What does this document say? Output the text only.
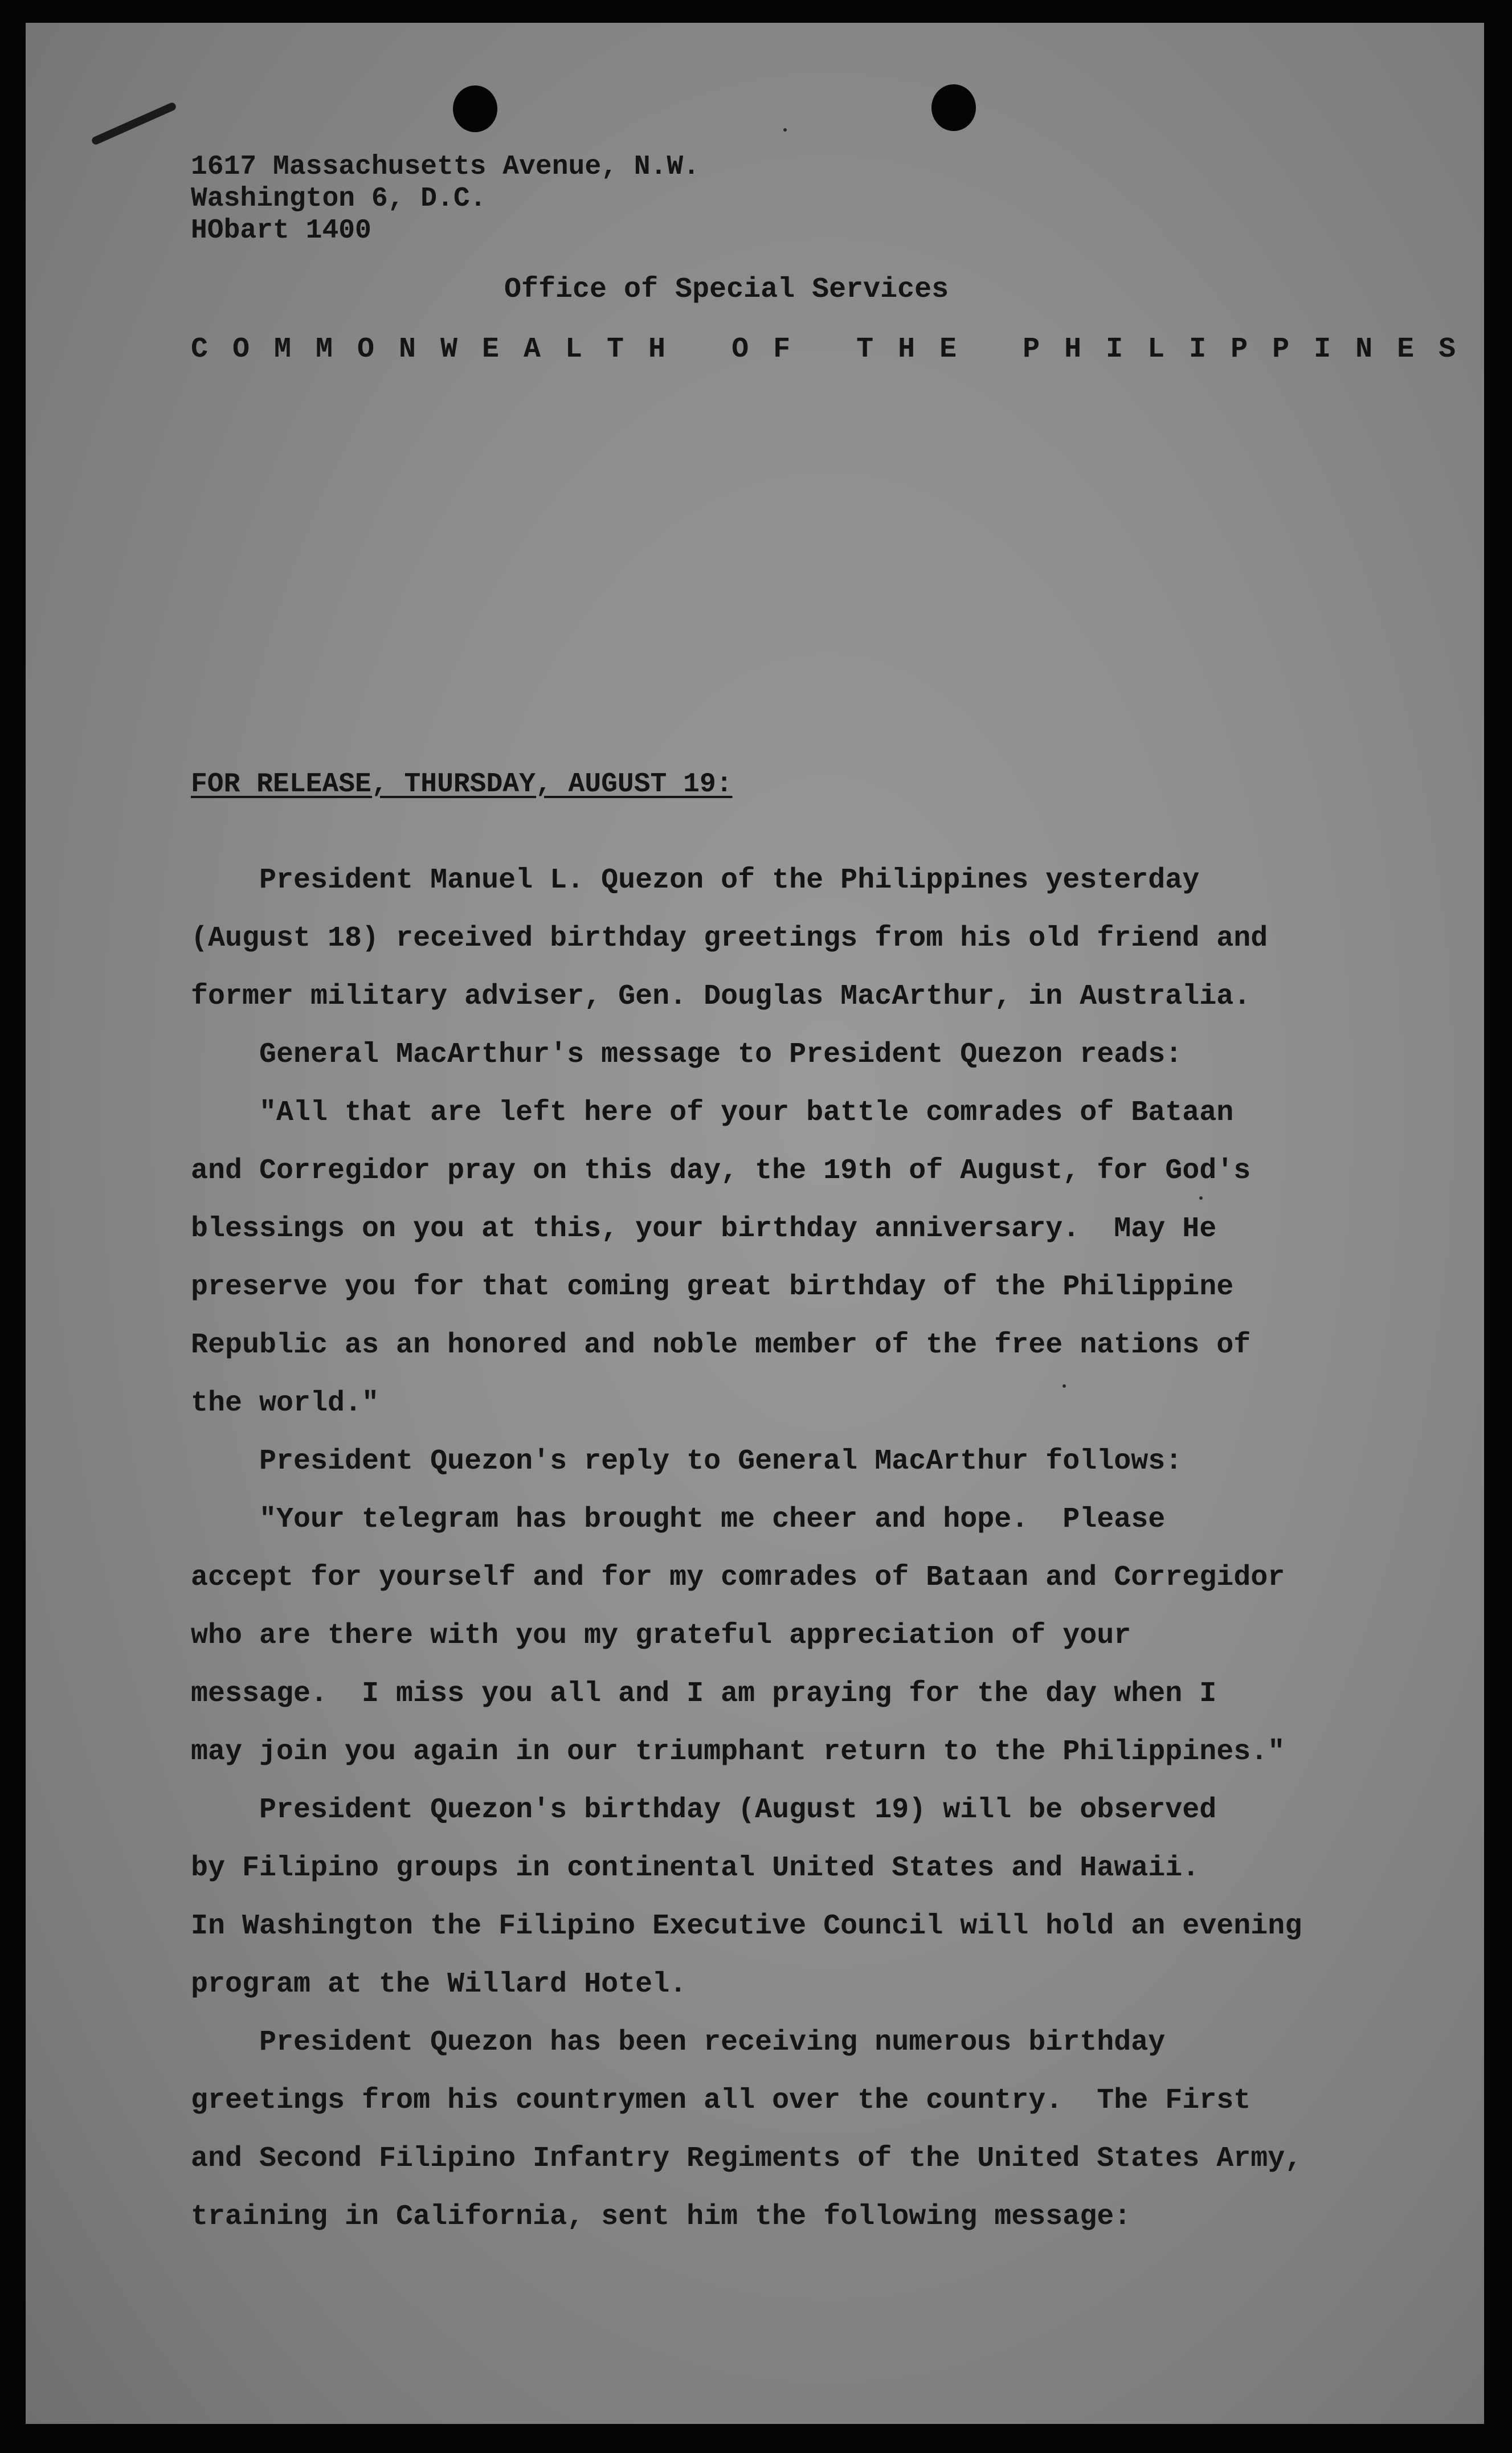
1617 Massachusetts Avenue, N.W.
Washington 6, D.C.
HObart 1400
Office of Special Services
COMMONWEALTH OF THE PHILIPPINES
FOR RELEASE, THURSDAY, AUGUST 19:
President Manuel L. Quezon of the Philippines yesterday
(August 18) received birthday greetings from his old friend and
former military adviser, Gen. Douglas MacArthur, in Australia.
General MacArthur's message to President Quezon reads:
"All that are left here of your battle comrades of Bataan
and Corregidor pray on this day, the 19th of August, for God's
blessings on you at this, your birthday anniversary.  May He
preserve you for that coming great birthday of the Philippine
Republic as an honored and noble member of the free nations of
the world."
President Quezon's reply to General MacArthur follows:
"Your telegram has brought me cheer and hope.  Please
accept for yourself and for my comrades of Bataan and Corregidor
who are there with you my grateful appreciation of your
message.  I miss you all and I am praying for the day when I
may join you again in our triumphant return to the Philippines."
President Quezon's birthday (August 19) will be observed
by Filipino groups in continental United States and Hawaii.
In Washington the Filipino Executive Council will hold an evening
program at the Willard Hotel.
President Quezon has been receiving numerous birthday
greetings from his countrymen all over the country.  The First
and Second Filipino Infantry Regiments of the United States Army,
training in California, sent him the following message:
